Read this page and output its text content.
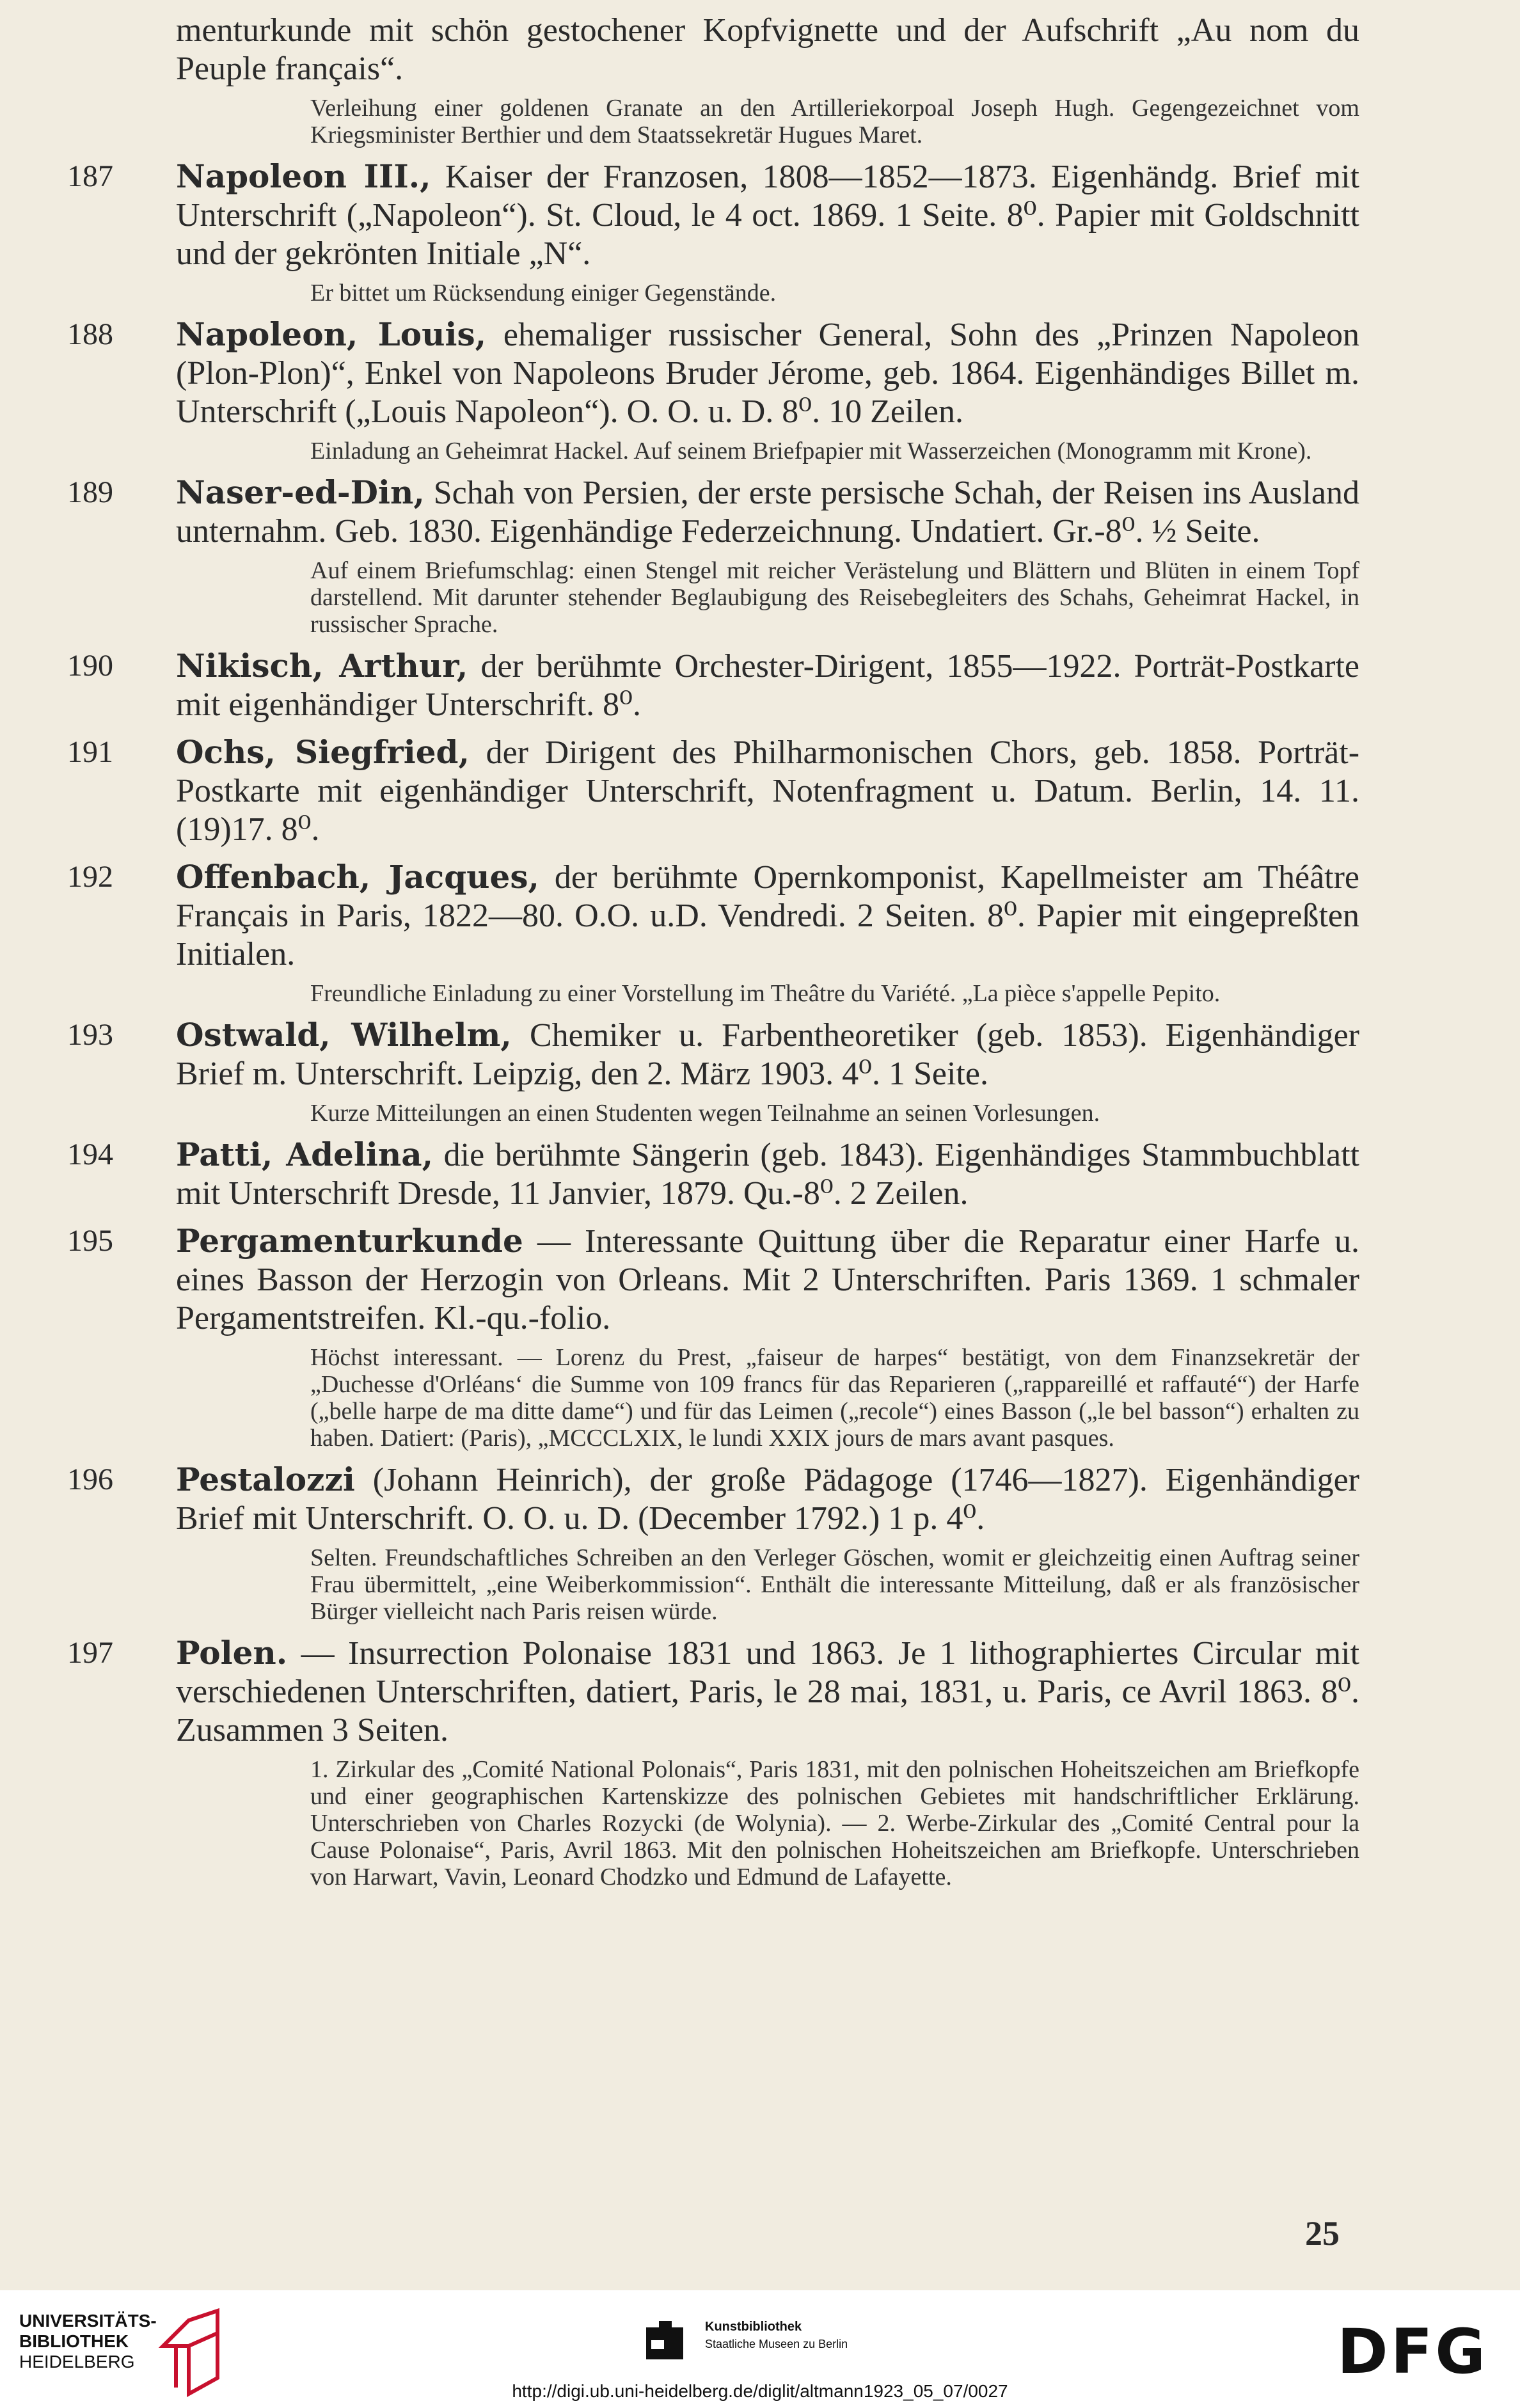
menturkunde mit schön gestochener Kopfvignette und der Aufschrift „Au nom du Peuple français“.

Verleihung einer goldenen Granate an den Artilleriekorpoal Joseph Hugh. Gegengezeichnet vom Kriegsminister Berthier und dem Staatssekretär Hugues Maret.

187	Napoleon III., Kaiser der Franzosen, 1808—1852—1873. Eigenhändg. Brief mit Unterschrift („Napoleon“). St. Cloud, le 4 oct. 1869. 1 Seite. 8⁰. Papier mit Goldschnitt und der gekrönten Initiale „N“.
Er bittet um Rücksendung einiger Gegenstände.
188	Napoleon, Louis, ehemaliger russischer General, Sohn des „Prinzen Napoleon (Plon-Plon)“, Enkel von Napoleons Bruder Jérome, geb. 1864. Eigenhändiges Billet m. Unterschrift („Louis Napoleon“). O. O. u. D. 8⁰. 10 Zeilen.
Einladung an Geheimrat Hackel. Auf seinem Briefpapier mit Wasserzeichen (Monogramm mit Krone).
189	Naser-ed-Din, Schah von Persien, der erste persische Schah, der Reisen ins Ausland unternahm. Geb. 1830. Eigenhändige Federzeichnung. Undatiert. Gr.-8⁰. ½ Seite.
Auf einem Briefumschlag: einen Stengel mit reicher Verästelung und Blättern und Blüten in einem Topf darstellend. Mit darunter stehender Beglaubigung des Reisebegleiters des Schahs, Geheimrat Hackel, in russischer Sprache.
190	Nikisch, Arthur, der berühmte Orchester-Dirigent, 1855—1922. Porträt-Postkarte mit eigenhändiger Unterschrift. 8⁰.
191	Ochs, Siegfried, der Dirigent des Philharmonischen Chors, geb. 1858. Porträt-Postkarte mit eigenhändiger Unterschrift, Notenfragment u. Datum. Berlin, 14. 11. (19)17. 8⁰.
192	Offenbach, Jacques, der berühmte Opernkomponist, Kapellmeister am Théâtre Français in Paris, 1822—80. O.O. u.D. Vendredi. 2 Seiten. 8⁰. Papier mit eingepreßten Initialen.
Freundliche Einladung zu einer Vorstellung im Theâtre du Variété. „La pièce s'appelle Pepito.
193	Ostwald, Wilhelm, Chemiker u. Farbentheoretiker (geb. 1853). Eigenhändiger Brief m. Unterschrift. Leipzig, den 2. März 1903. 4⁰. 1 Seite.
Kurze Mitteilungen an einen Studenten wegen Teilnahme an seinen Vorlesungen.
194	Patti, Adelina, die berühmte Sängerin (geb. 1843). Eigenhändiges Stammbuchblatt mit Unterschrift Dresde, 11 Janvier, 1879. Qu.-8⁰. 2 Zeilen.
195	Pergamenturkunde — Interessante Quittung über die Reparatur einer Harfe u. eines Basson der Herzogin von Orleans. Mit 2 Unterschriften. Paris 1369. 1 schmaler Pergamentstreifen. Kl.-qu.-folio.
Höchst interessant. — Lorenz du Prest, „faiseur de harpes“ bestätigt, von dem Finanzsekretär der „Duchesse d'Orléans‘ die Summe von 109 francs für das Reparieren („rappareillé et raffauté“) der Harfe („belle harpe de ma ditte dame“) und für das Leimen („recole“) eines Basson („le bel basson“) erhalten zu haben. Datiert: (Paris), „MCCCLXIX, le lundi XXIX jours de mars avant pasques.
196	Pestalozzi (Johann Heinrich), der große Pädagoge (1746—1827). Eigenhändiger Brief mit Unterschrift. O. O. u. D. (December 1792.) 1 p. 4⁰.
Selten. Freundschaftliches Schreiben an den Verleger Göschen, womit er gleichzeitig einen Auftrag seiner Frau übermittelt, „eine Weiberkommission“. Enthält die interessante Mitteilung, daß er als französischer Bürger vielleicht nach Paris reisen würde.
197	Polen. — Insurrection Polonaise 1831 und 1863. Je 1 lithographiertes Circular mit verschiedenen Unterschriften, datiert, Paris, le 28 mai, 1831, u. Paris, ce Avril 1863. 8⁰. Zusammen 3 Seiten.
1. Zirkular des „Comité National Polonais“, Paris 1831, mit den polnischen Hoheitszeichen am Briefkopfe und einer geographischen Kartenskizze des polnischen Gebietes mit handschriftlicher Erklärung. Unterschrieben von Charles Rozycki (de Wolynia). — 2. Werbe-Zirkular des „Comité Central pour la Cause Polonaise“, Paris, Avril 1863. Mit den polnischen Hoheitszeichen am Briefkopfe. Unterschrieben von Harwart, Vavin, Leonard Chodzko und Edmund de Lafayette.
25
UNIVERSITÄTS-
BIBLIOTHEK
HEIDELBERG
Kunstbibliothek
Staatliche Museen zu Berlin	DFG
http://digi.ub.uni-heidelberg.de/diglit/altmann1923_05_07/0027
